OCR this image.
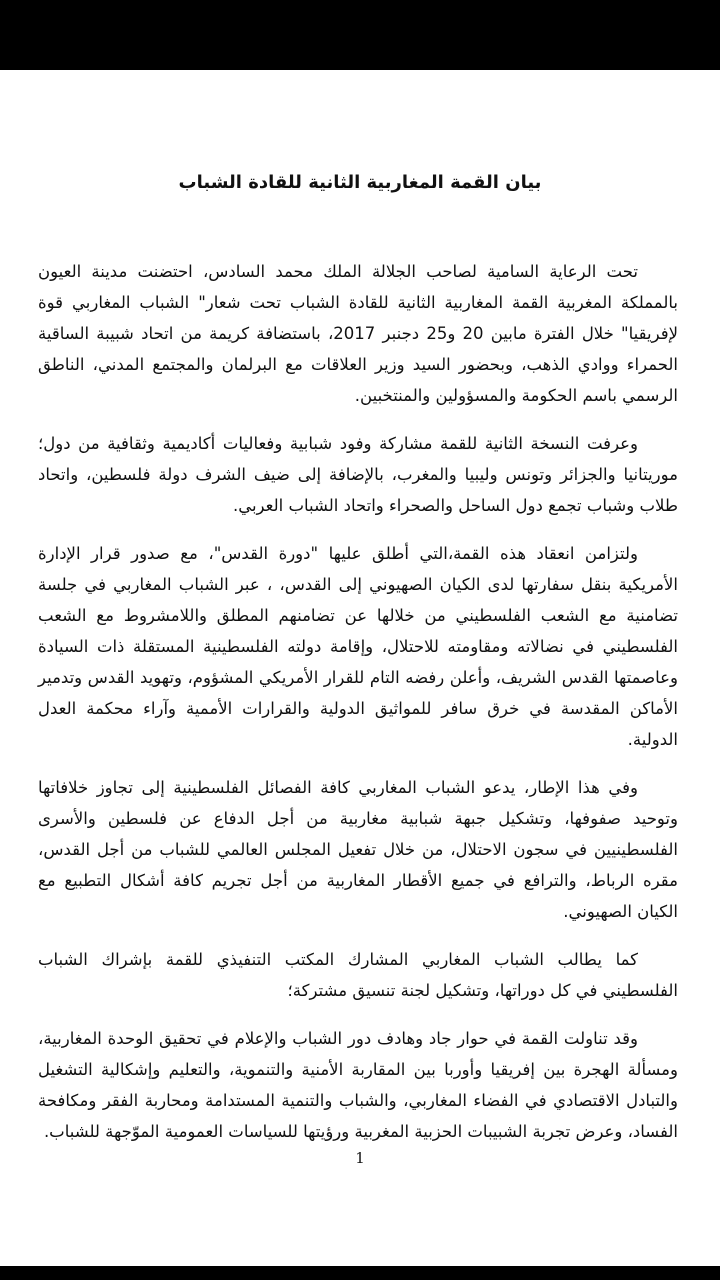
بيان القمة المغاربية الثانية للقادة الشباب

تحت الرعاية السامية لصاحب الجلالة الملك محمد السادس، احتضنت مدينة العيون بالمملكة المغربية القمة المغاربية الثانية للقادة الشباب تحت شعار" الشباب المغاربي قوة لإفريقيا" خلال الفترة مابين 20 و25 دجنبر 2017، باستضافة كريمة من اتحاد شبيبة الساقية الحمراء ووادي الذهب، وبحضور السيد وزير العلاقات مع البرلمان والمجتمع المدني، الناطق الرسمي باسم الحكومة والمسؤولين والمنتخبين.

وعرفت النسخة الثانية للقمة مشاركة وفود شبابية وفعاليات أكاديمية وثقافية من دول؛ موريتانيا والجزائر وتونس وليبيا والمغرب، بالإضافة إلى ضيف الشرف دولة فلسطين، واتحاد طلاب وشباب تجمع دول الساحل والصحراء واتحاد الشباب العربي.

ولتزامن انعقاد هذه القمة،التي أطلق عليها "دورة القدس"، مع صدور قرار الإدارة الأمريكية بنقل سفارتها لدى الكيان الصهيوني إلى القدس، ، عبر الشباب المغاربي في جلسة تضامنية مع الشعب الفلسطيني من خلالها عن تضامنهم المطلق واللامشروط مع الشعب الفلسطيني في نضالاته ومقاومته للاحتلال، وإقامة دولته الفلسطينية المستقلة ذات السيادة وعاصمتها القدس الشريف، وأعلن رفضه التام للقرار الأمريكي المشؤوم، وتهويد القدس وتدمير الأماكن المقدسة في خرق سافر للمواثيق الدولية والقرارات الأممية وآراء محكمة العدل الدولية.

وفي هذا الإطار، يدعو الشباب المغاربي كافة الفصائل الفلسطينية إلى تجاوز خلافاتها وتوحيد صفوفها، وتشكيل جبهة شبابية مغاربية من أجل الدفاع عن فلسطين والأسرى الفلسطينيين في سجون الاحتلال، من خلال تفعيل المجلس العالمي للشباب من أجل القدس، مقره الرباط، والترافع في جميع الأقطار المغاربية من أجل تجريم كافة أشكال التطبيع مع الكيان الصهيوني.

كما يطالب الشباب المغاربي المشارك المكتب التنفيذي للقمة بإشراك الشباب الفلسطيني في كل دوراتها، وتشكيل لجنة تنسيق مشتركة؛

وقد تناولت القمة في حوار جاد وهادف دور الشباب والإعلام في تحقيق الوحدة المغاربية، ومسألة الهجرة بين إفريقيا وأوربا بين المقاربة الأمنية والتنموية، والتعليم وإشكالية التشغيل والتبادل الاقتصادي في الفضاء المغاربي، والشباب والتنمية المستدامة ومحاربة الفقر ومكافحة الفساد، وعرض تجربة الشبيبات الحزبية المغربية ورؤيتها للسياسات العمومية الموّجهة للشباب.

1
